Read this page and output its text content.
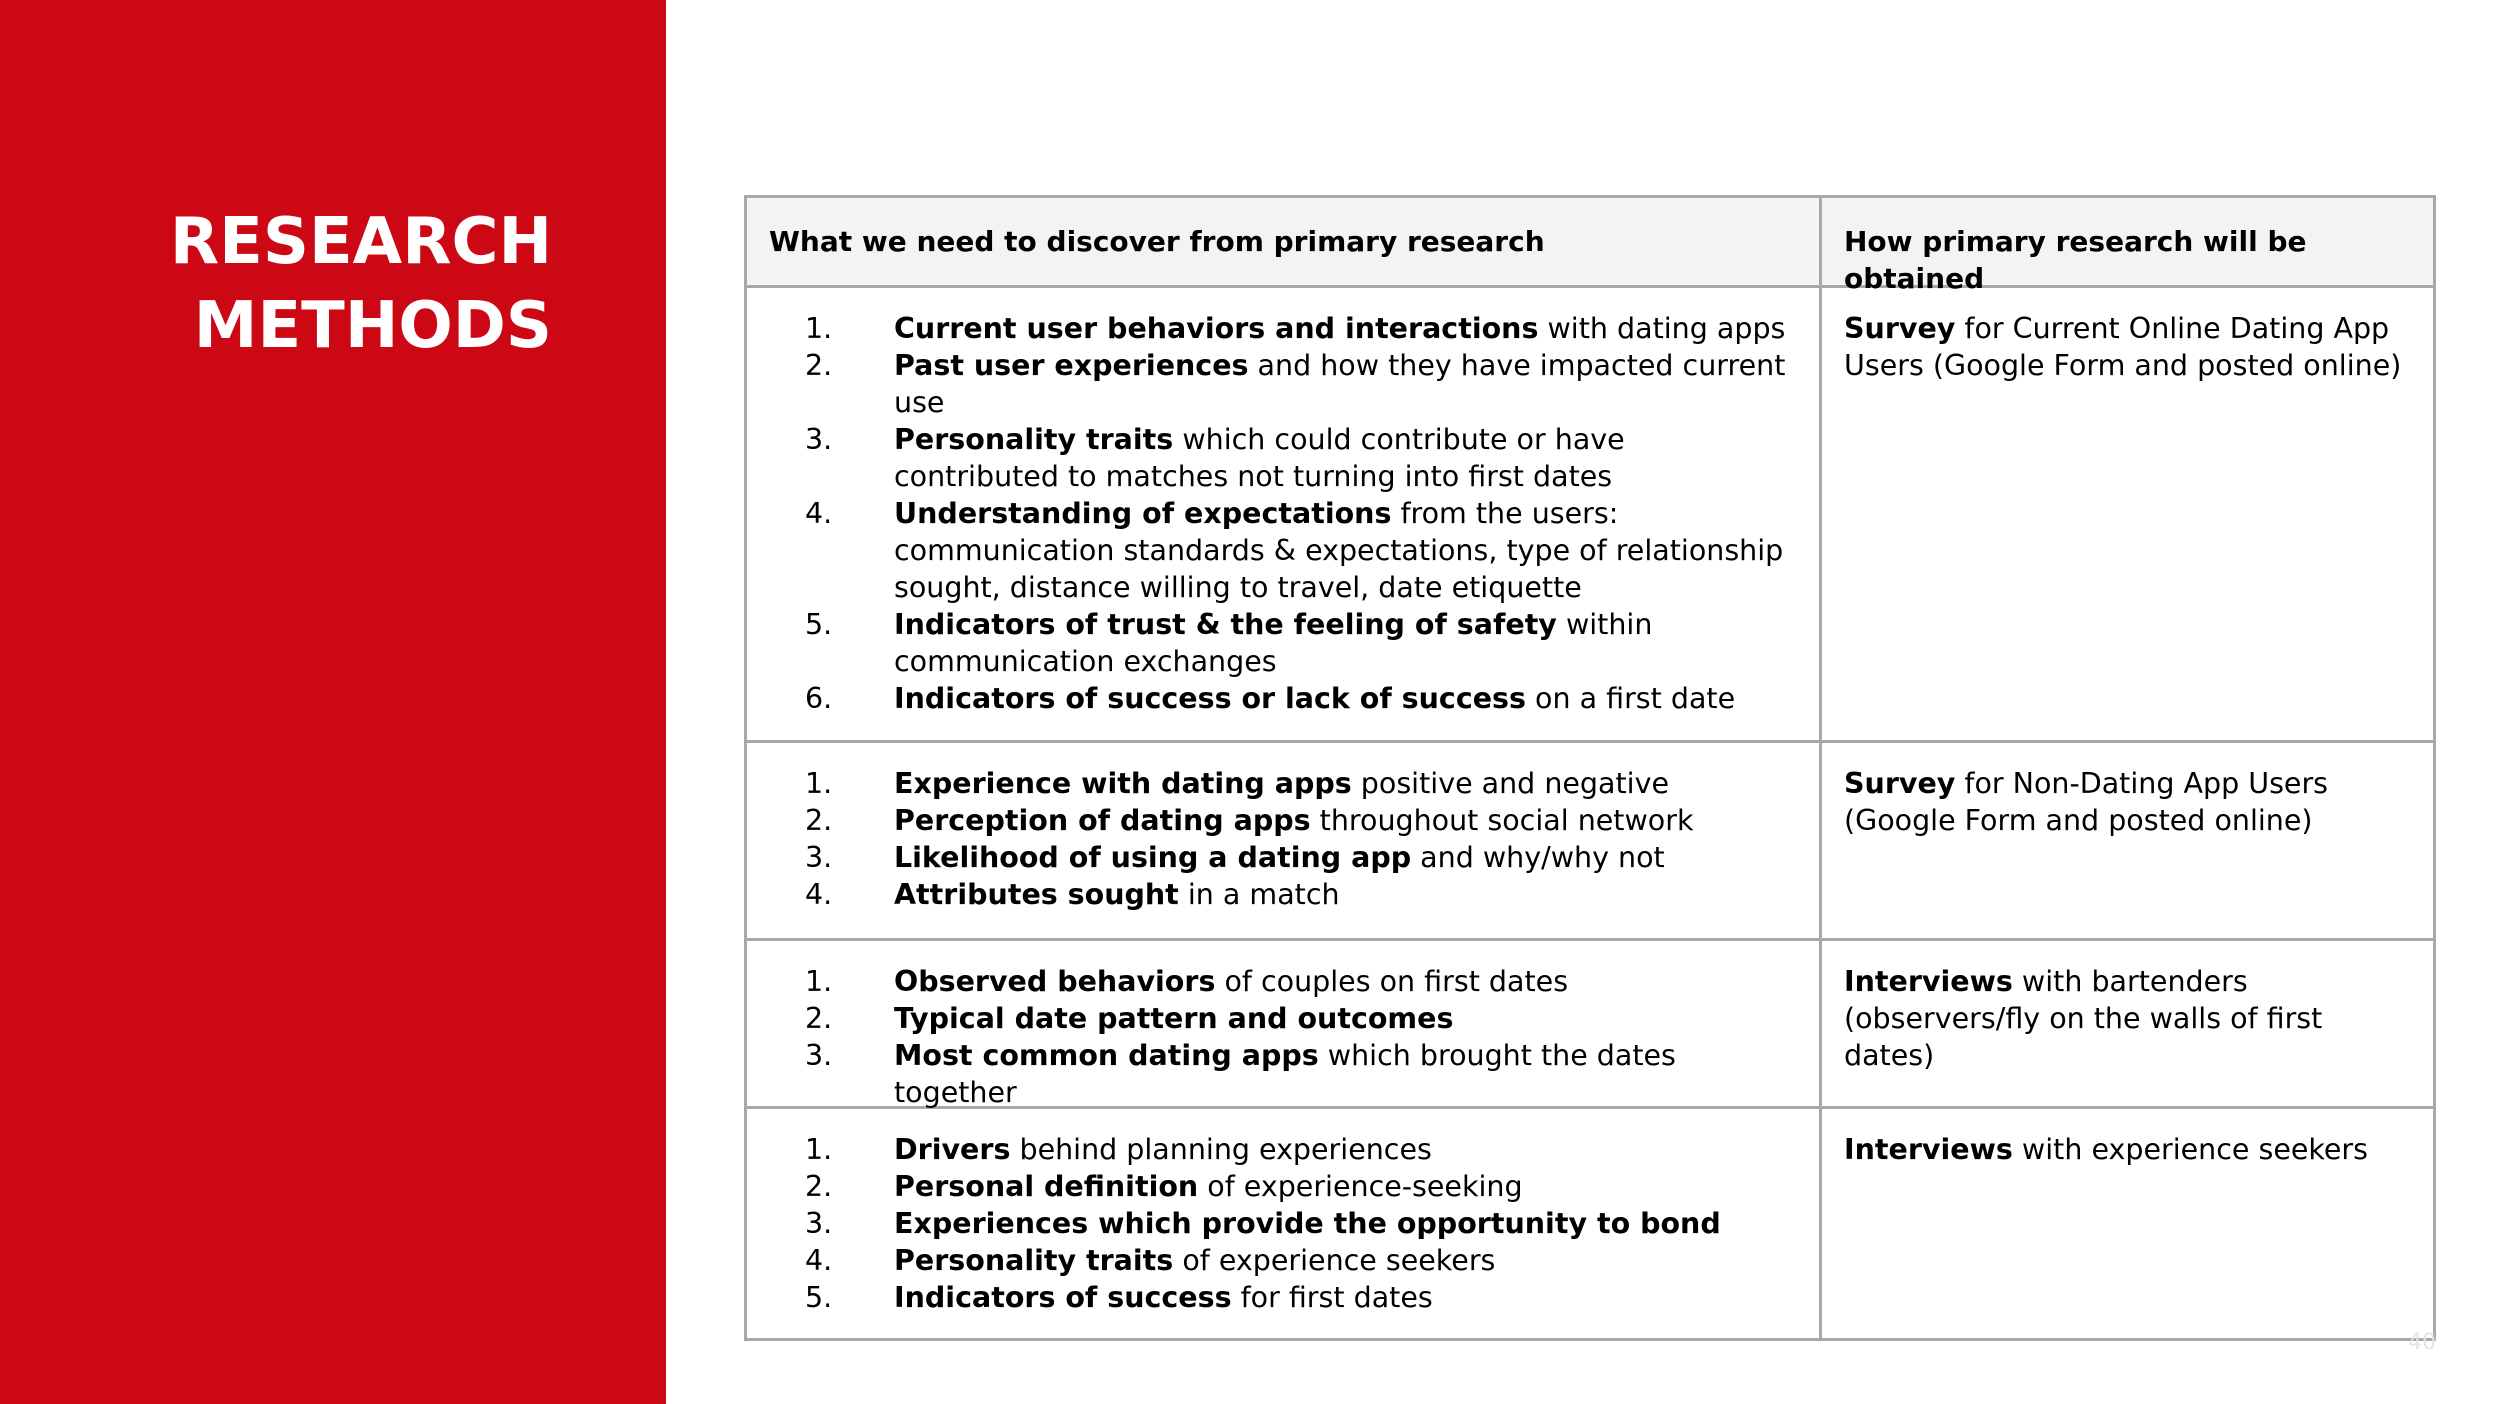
RESEARCH
METHODS
What we need to discover from primary research	How primary research will be obtained
1. Current user behaviors and interactions with dating apps
2. Past user experiences and how they have impacted current use
3. Personality traits which could contribute or have contributed to matches not turning into first dates
4. Understanding of expectations from the users: communication standards & expectations, type of relationship sought, distance willing to travel, date etiquette
5. Indicators of trust & the feeling of safety within communication exchanges
6. Indicators of success or lack of success on a first date
Survey for Current Online Dating App Users (Google Form and posted online)
1. Experience with dating apps positive and negative
2. Perception of dating apps throughout social network
3. Likelihood of using a dating app and why/why not
4. Attributes sought in a match
Survey for Non-Dating App Users (Google Form and posted online)
1. Observed behaviors of couples on first dates
2. Typical date pattern and outcomes
3. Most common dating apps which brought the dates together
Interviews with bartenders (observers/fly on the walls of first dates)
1. Drivers behind planning experiences
2. Personal definition of experience-seeking
3. Experiences which provide the opportunity to bond
4. Personality traits of experience seekers
5. Indicators of success for first dates
Interviews with experience seekers
40
